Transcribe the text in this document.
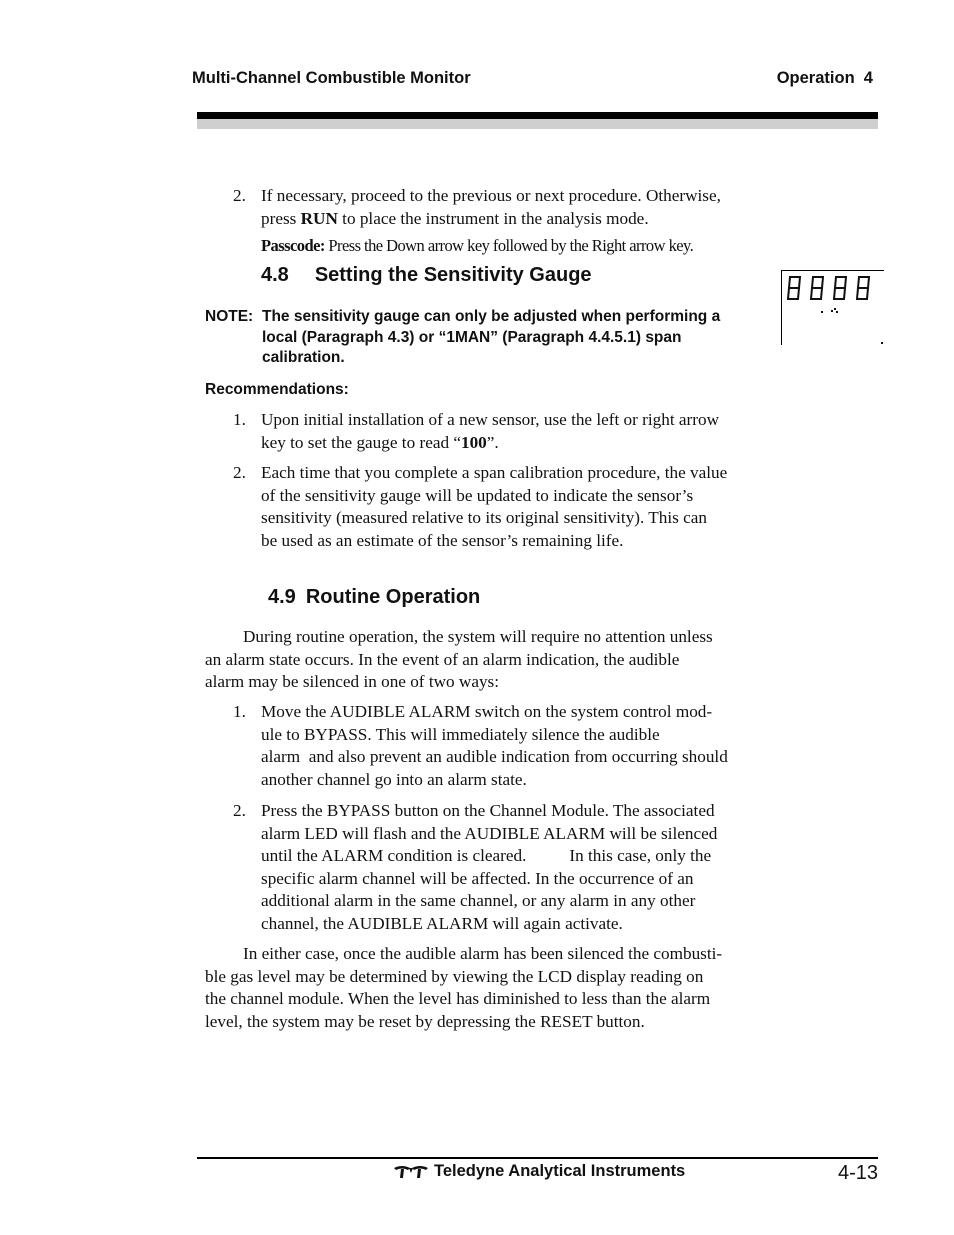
Multi-Channel Combustible Monitor	Operation  4
2. If necessary, proceed to the previous or next procedure. Otherwise,
press RUN to place the instrument in the analysis mode.
Passcode: Press the Down arrow key followed by the Right arrow key.
4.8 Setting the Sensitivity Gauge
NOTE: The sensitivity gauge can only be adjusted when performing a
local (Paragraph 4.3) or “1MAN” (Paragraph 4.4.5.1) span
calibration.
Recommendations:
1. Upon initial installation of a new sensor, use the left or right arrow
key to set the gauge to read “100”.
2. Each time that you complete a span calibration procedure, the value
of the sensitivity gauge will be updated to indicate the sensor’s
sensitivity (measured relative to its original sensitivity). This can
be used as an estimate of the sensor’s remaining life.
4.9 Routine Operation
During routine operation, the system will require no attention unless
an alarm state occurs. In the event of an alarm indication, the audible
alarm may be silenced in one of two ways:
1. Move the AUDIBLE ALARM switch on the system control mod-
ule to BYPASS. This will immediately silence the audible
alarm  and also prevent an audible indication from occurring should
another channel go into an alarm state.
2. Press the BYPASS button on the Channel Module. The associated
alarm LED will flash and the AUDIBLE ALARM will be silenced
until the ALARM condition is cleared.          In this case, only the
specific alarm channel will be affected. In the occurrence of an
additional alarm in the same channel, or any alarm in any other
channel, the AUDIBLE ALARM will again activate.
In either case, once the audible alarm has been silenced the combusti-
ble gas level may be determined by viewing the LCD display reading on
the channel module. When the level has diminished to less than the alarm
level, the system may be reset by depressing the RESET button.
Teledyne Analytical Instruments	4-13
